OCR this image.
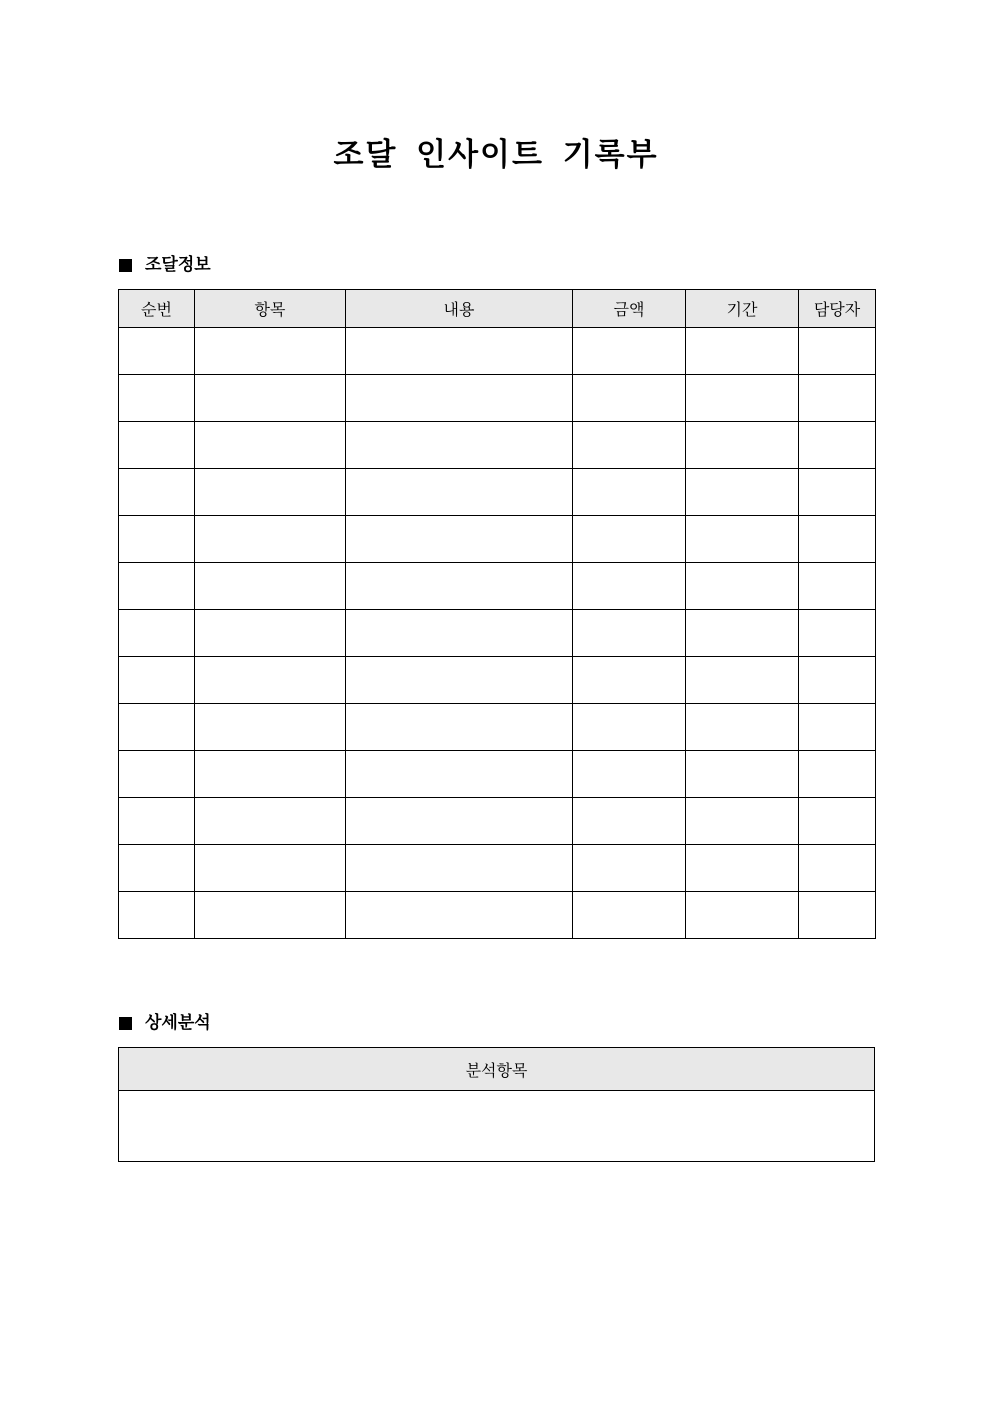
조달 인사이트 기록부
조달정보
순번	항목	내용	금액	기간	담당자

상세분석
분석항목
